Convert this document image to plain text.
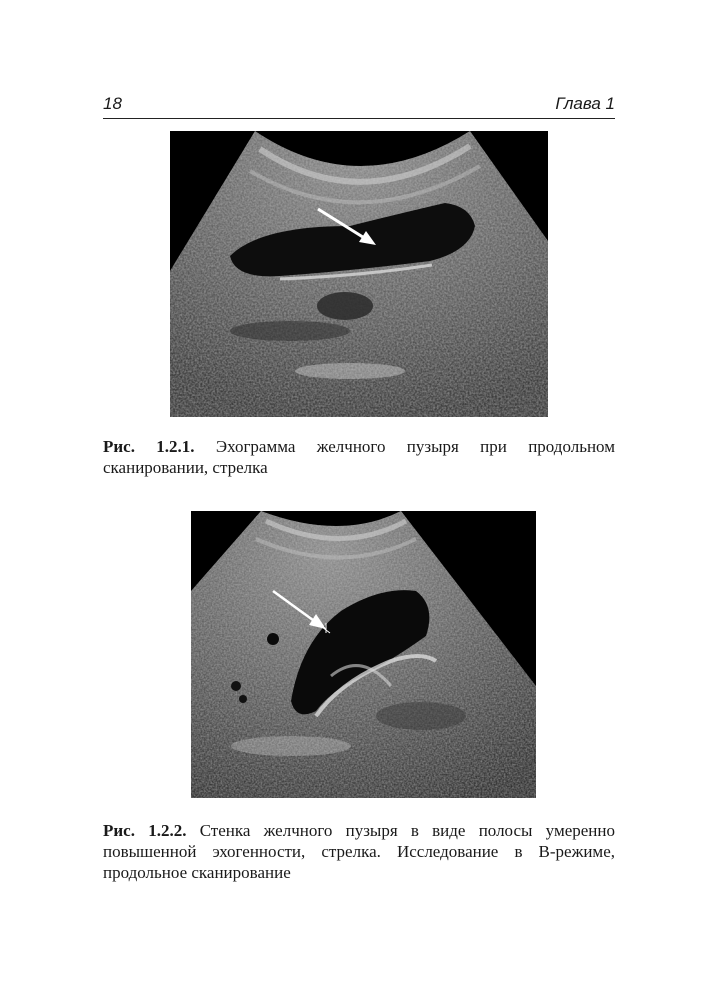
18	Глава 1

Рис. 1.2.1. Эхограмма желчного пузыря при продольном сканировании, стрелка

Рис. 1.2.2. Стенка желчного пузыря в виде полосы умеренно повышенной эхогенности, стрелка. Исследование в В-режиме, продольное сканирование
